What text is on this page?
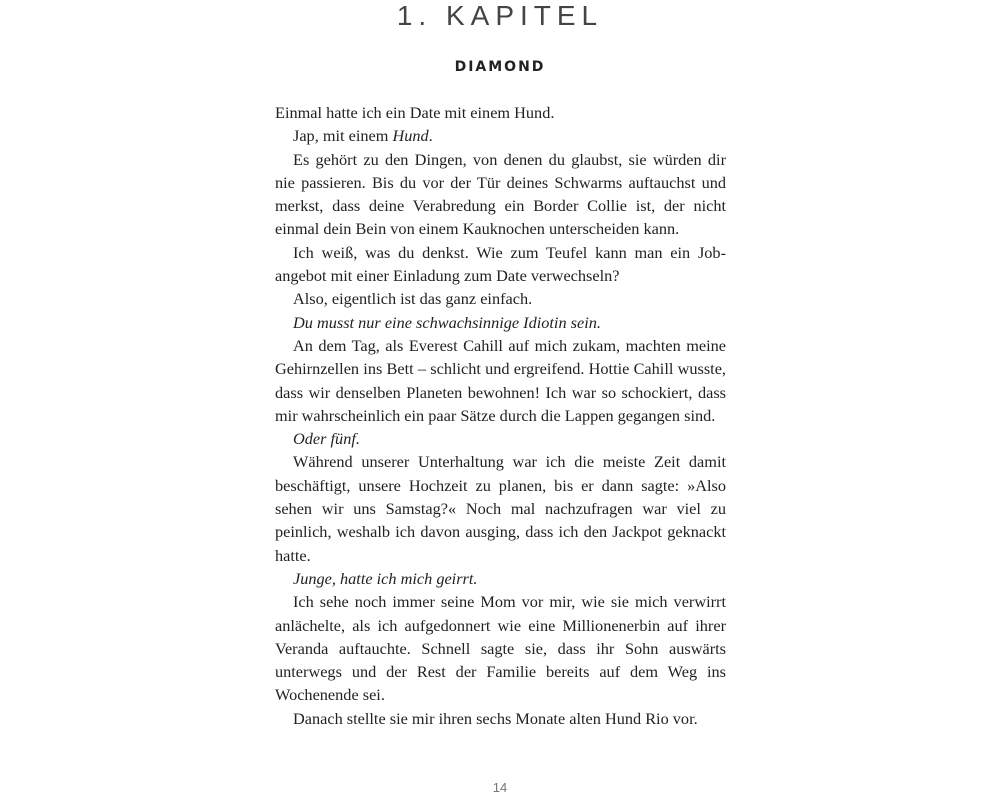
1. KAPITEL
DIAMOND

Einmal hatte ich ein Date mit einem Hund.

Jap, mit einem Hund.

Es gehört zu den Dingen, von denen du glaubst, sie würden dir nie passieren. Bis du vor der Tür deines Schwarms auftauchst und merkst, dass deine Verabredung ein Border Collie ist, der nicht einmal dein Bein von einem Kauknochen unterscheiden kann.

Ich weiß, was du denkst. Wie zum Teufel kann man ein Jobangebot mit einer Einladung zum Date verwechseln?

Also, eigentlich ist das ganz einfach.

Du musst nur eine schwachsinnige Idiotin sein.

An dem Tag, als Everest Cahill auf mich zukam, machten meine Gehirnzellen ins Bett – schlicht und ergreifend. Hottie Cahill wusste, dass wir denselben Planeten bewohnen! Ich war so schockiert, dass mir wahrscheinlich ein paar Sätze durch die Lappen gegangen sind.

Oder fünf.

Während unserer Unterhaltung war ich die meiste Zeit damit beschäftigt, unsere Hochzeit zu planen, bis er dann sagte: »Also sehen wir uns Samstag?« Noch mal nachzufragen war viel zu peinlich, weshalb ich davon ausging, dass ich den Jackpot geknackt hatte.

Junge, hatte ich mich geirrt.

Ich sehe noch immer seine Mom vor mir, wie sie mich verwirrt anlächelte, als ich aufgedonnert wie eine Millionenerbin auf ihrer Veranda auftauchte. Schnell sagte sie, dass ihr Sohn auswärts unterwegs und der Rest der Familie bereits auf dem Weg ins Wochenende sei.

Danach stellte sie mir ihren sechs Monate alten Hund Rio vor.

14
